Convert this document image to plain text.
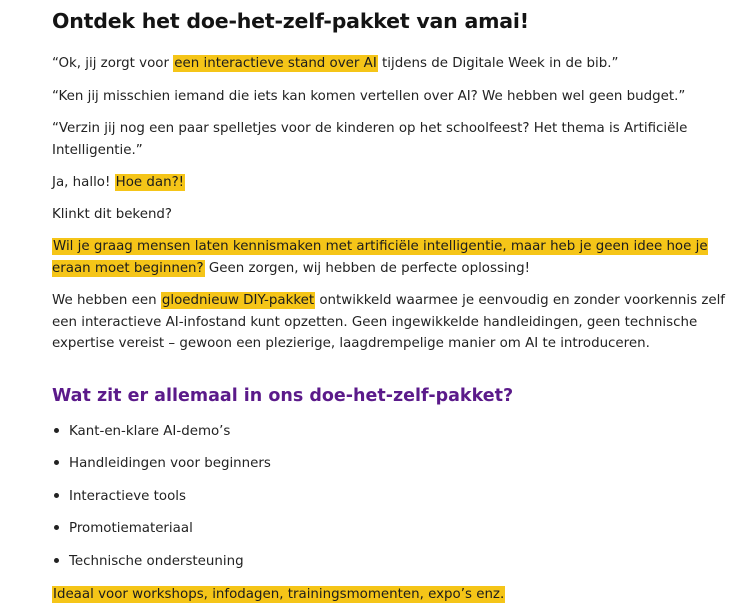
Ontdek het doe-het-zelf-pakket van amai!

“Ok, jij zorgt voor een interactieve stand over AI tijdens de Digitale Week in de bib.”

“Ken jij misschien iemand die iets kan komen vertellen over AI? We hebben wel geen budget.”

“Verzin jij nog een paar spelletjes voor de kinderen op het schoolfeest? Het thema is Artificiële Intelligentie.”

Ja, hallo! Hoe dan?!

Klinkt dit bekend?

Wil je graag mensen laten kennismaken met artificiële intelligentie, maar heb je geen idee hoe je eraan moet beginnen? Geen zorgen, wij hebben de perfecte oplossing!

We hebben een gloednieuw DIY-pakket ontwikkeld waarmee je eenvoudig en zonder voorkennis zelf een interactieve AI-infostand kunt opzetten. Geen ingewikkelde handleidingen, geen technische expertise vereist – gewoon een plezierige, laagdrempelige manier om AI te introduceren.

Wat zit er allemaal in ons doe-het-zelf-pakket?
Kant-en-klare AI-demo’s
Handleidingen voor beginners
Interactieve tools
Promotiemateriaal
Technische ondersteuning

Ideaal voor workshops, infodagen, trainingsmomenten, expo’s enz.
